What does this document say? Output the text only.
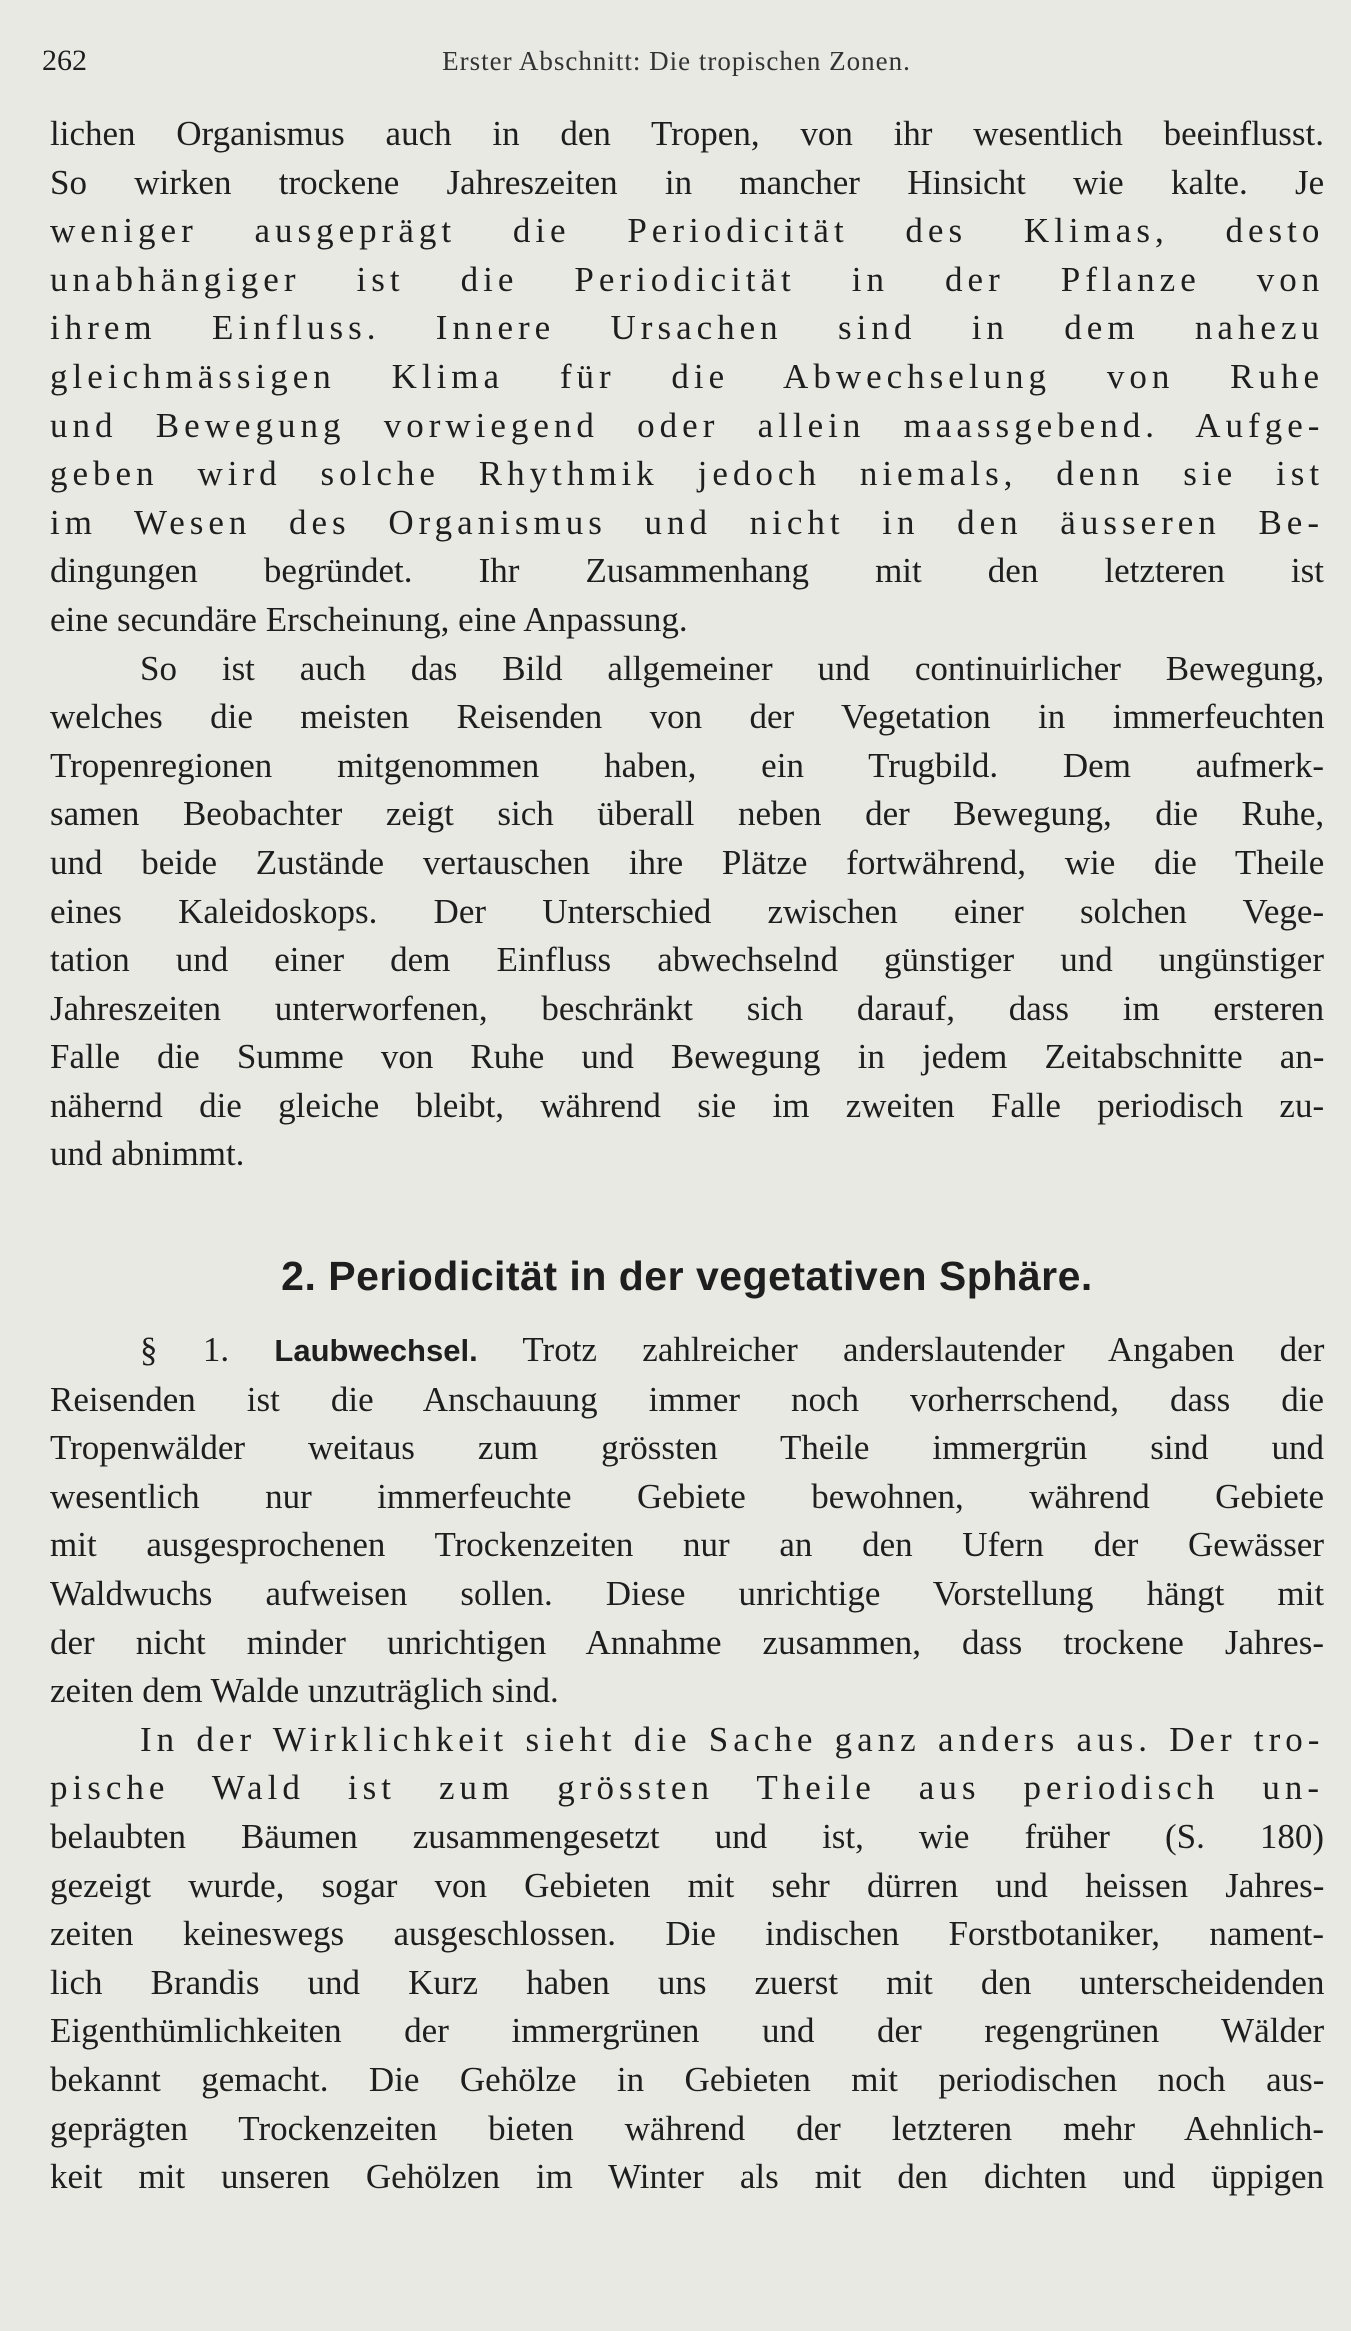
262	Erster Abschnitt: Die tropischen Zonen.
lichen Organismus auch in den Tropen, von ihr wesentlich beeinflusst.
So wirken trockene Jahreszeiten in mancher Hinsicht wie kalte. Je
weniger ausgeprägt die Periodicität des Klimas, desto
unabhängiger ist die Periodicität in der Pflanze von
ihrem Einfluss. Innere Ursachen sind in dem nahezu
gleichmässigen Klima für die Abwechselung von Ruhe
und Bewegung vorwiegend oder allein maassgebend. Aufge-
geben wird solche Rhythmik jedoch niemals, denn sie ist
im Wesen des Organismus und nicht in den äusseren Be-
dingungen begründet. Ihr Zusammenhang mit den letzteren ist
eine secundäre Erscheinung, eine Anpassung.
So ist auch das Bild allgemeiner und continuirlicher Bewegung,
welches die meisten Reisenden von der Vegetation in immerfeuchten
Tropenregionen mitgenommen haben, ein Trugbild. Dem aufmerk-
samen Beobachter zeigt sich überall neben der Bewegung, die Ruhe,
und beide Zustände vertauschen ihre Plätze fortwährend, wie die Theile
eines Kaleidoskops. Der Unterschied zwischen einer solchen Vege-
tation und einer dem Einfluss abwechselnd günstiger und ungünstiger
Jahreszeiten unterworfenen, beschränkt sich darauf, dass im ersteren
Falle die Summe von Ruhe und Bewegung in jedem Zeitabschnitte an-
nähernd die gleiche bleibt, während sie im zweiten Falle periodisch zu-
und abnimmt.
2. Periodicität in der vegetativen Sphäre.
§ 1. Laubwechsel. Trotz zahlreicher anderslautender Angaben der
Reisenden ist die Anschauung immer noch vorherrschend, dass die
Tropenwälder weitaus zum grössten Theile immergrün sind und
wesentlich nur immerfeuchte Gebiete bewohnen, während Gebiete
mit ausgesprochenen Trockenzeiten nur an den Ufern der Gewässer
Waldwuchs aufweisen sollen. Diese unrichtige Vorstellung hängt mit
der nicht minder unrichtigen Annahme zusammen, dass trockene Jahres-
zeiten dem Walde unzuträglich sind.
In der Wirklichkeit sieht die Sache ganz anders aus. Der tro-
pische Wald ist zum grössten Theile aus periodisch un-
belaubten Bäumen zusammengesetzt und ist, wie früher (S. 180)
gezeigt wurde, sogar von Gebieten mit sehr dürren und heissen Jahres-
zeiten keineswegs ausgeschlossen. Die indischen Forstbotaniker, nament-
lich Brandis und Kurz haben uns zuerst mit den unterscheidenden
Eigenthümlichkeiten der immergrünen und der regengrünen Wälder
bekannt gemacht. Die Gehölze in Gebieten mit periodischen noch aus-
geprägten Trockenzeiten bieten während der letzteren mehr Aehnlich-
keit mit unseren Gehölzen im Winter als mit den dichten und üppigen
